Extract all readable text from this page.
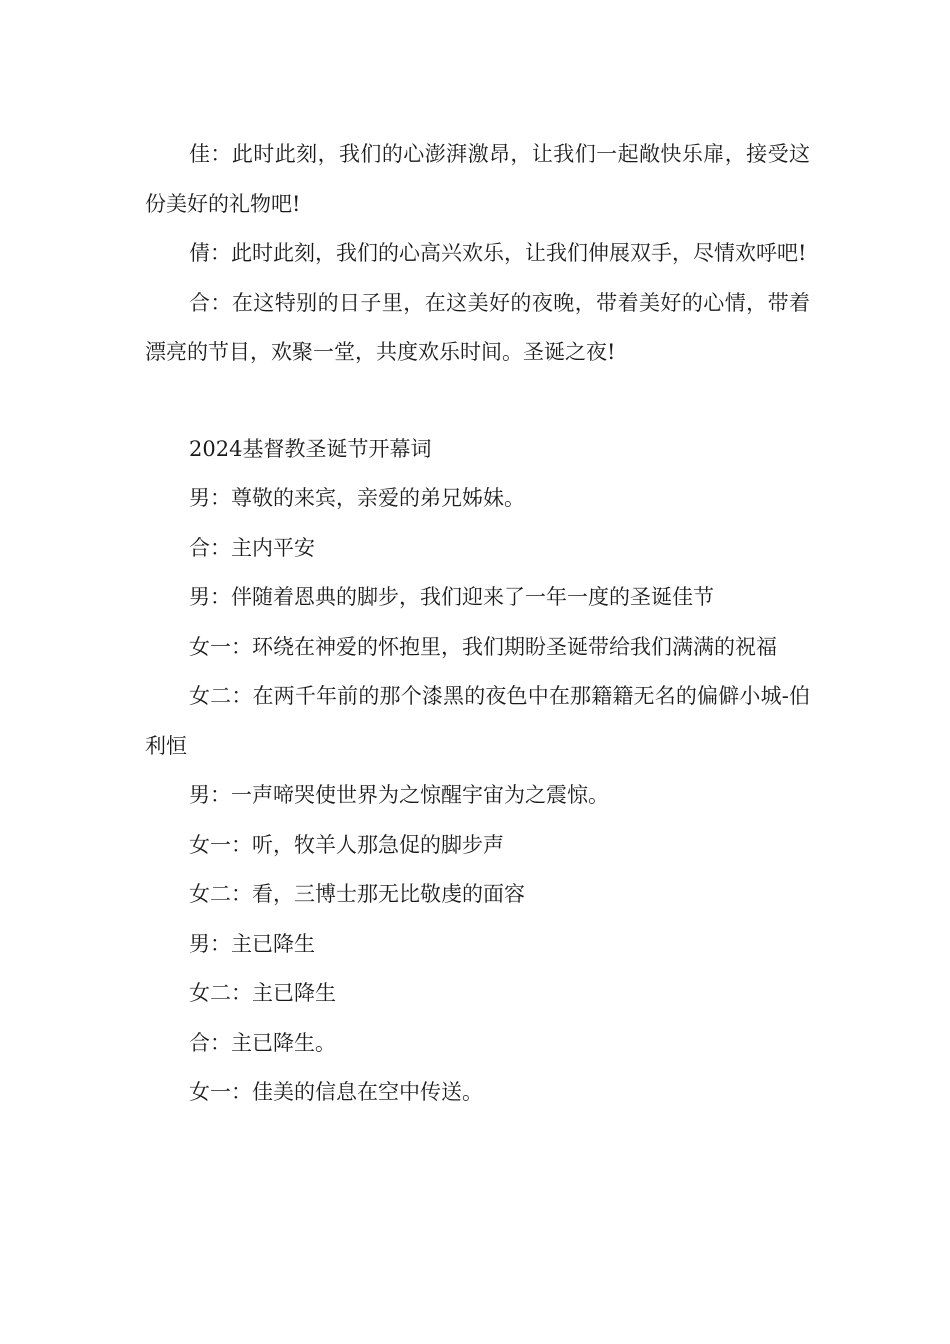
佳：此时此刻，我们的心澎湃激昂，让我们一起敞快乐扉，接受这份美好的礼物吧!

倩：此时此刻，我们的心高兴欢乐，让我们伸展双手，尽情欢呼吧!

合：在这特别的日子里，在这美好的夜晚，带着美好的心情，带着漂亮的节目，欢聚一堂，共度欢乐时间。圣诞之夜!

2024基督教圣诞节开幕词

男：尊敬的来宾，亲爱的弟兄姊妹。

合：主内平安

男：伴随着恩典的脚步，我们迎来了一年一度的圣诞佳节

女一：环绕在神爱的怀抱里，我们期盼圣诞带给我们满满的祝福

女二：在两千年前的那个漆黑的夜色中在那籍籍无名的偏僻小城-伯利恒

男：一声啼哭使世界为之惊醒宇宙为之震惊。

女一：听，牧羊人那急促的脚步声

女二：看，三博士那无比敬虔的面容

男：主已降生

女二：主已降生

合：主已降生。

女一：佳美的信息在空中传送。
